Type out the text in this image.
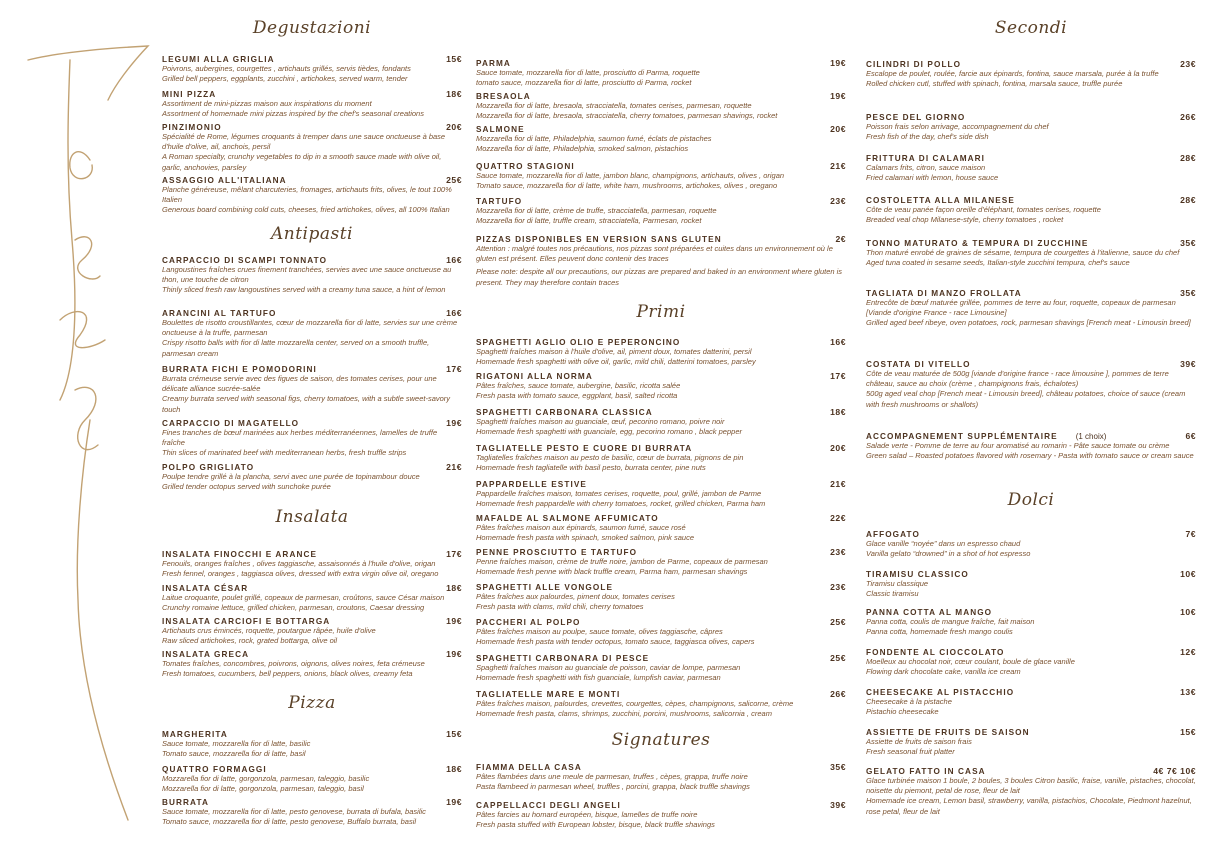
Degustazioni
LEGUMI ALLA GRIGLIA	15€
Poivrons, aubergines, courgettes , artichauts grillés, servis tièdes, fondants
Grilled bell peppers, eggplants, zucchini , artichokes, served warm, tender
MINI PIZZA	18€
Assortiment de mini-pizzas maison aux inspirations du moment
Assortment of homemade mini pizzas inspired by the chef's seasonal creations
PINZIMONIO	20€
Spécialité de Rome, légumes croquants à tremper dans une sauce onctueuse à base d'huile d'olive, ail, anchois, persil
A Roman specialty, crunchy vegetables to dip in a smooth sauce made with olive oil, garlic, anchovies, parsley
ASSAGGIO ALL'ITALIANA	25€
Planche généreuse, mêlant charcuteries, fromages, artichauts frits, olives, le tout 100% Italien
Generous board combining cold cuts, cheeses, fried artichokes, olives, all 100% Italian
Antipasti
CARPACCIO DI SCAMPI TONNATO	16€
Langoustines fraîches crues finement tranchées, servies avec une sauce onctueuse au thon, une touche de citron
Thinly sliced fresh raw langoustines served with a creamy tuna sauce, a hint of lemon
ARANCINI AL TARTUFO	16€
Boulettes de risotto croustillantes, cœur de mozzarella fior di latte, servies sur une crème onctueuse à la truffe, parmesan
Crispy risotto balls with fior di latte mozzarella center, served on a smooth truffle, parmesan cream
BURRATA FICHI E POMODORINI	17€
Burrata crémeuse servie avec des figues de saison, des tomates cerises, pour une délicate alliance sucrée-salée
Creamy burrata served with seasonal figs, cherry tomatoes, with a subtle sweet-savory touch
CARPACCIO DI MAGATELLO	19€
Fines tranches de bœuf marinées aux herbes méditerranéennes, lamelles de truffe fraîche
Thin slices of marinated beef with mediterranean herbs, fresh truffle strips
POLPO GRIGLIATO	21€
Poulpe tendre grillé à la plancha, servi avec une purée de topinambour douce
Grilled tender octopus served with sunchoke purée
Insalata
INSALATA FINOCCHI E ARANCE	17€
Fenouils, oranges fraîches , olives taggiasche, assaisonnés à l'huile d'olive, origan
Fresh fennel, oranges , taggiasca olives, dressed with extra virgin olive oil, oregano
INSALATA CÉSAR	18€
Laitue croquante, poulet grillé, copeaux de parmesan, croûtons, sauce César maison
Crunchy romaine lettuce, grilled chicken, parmesan, croutons, Caesar dressing
INSALATA CARCIOFI E BOTTARGA	19€
Artichauts crus émincés, roquette, poutargue râpée, huile d'olive
Raw sliced artichokes, rock, grated bottarga, olive oil
INSALATA GRECA	19€
Tomates fraîches, concombres, poivrons, oignons, olives noires, feta crémeuse
Fresh tomatoes, cucumbers, bell peppers, onions, black olives, creamy feta
Pizza
MARGHERITA	15€
Sauce tomate, mozzarella fior di latte, basilic
Tomato sauce, mozzarella fior di latte, basil
QUATTRO FORMAGGI	18€
Mozzarella fior di latte, gorgonzola, parmesan, taleggio, basilic
Mozzarella fior di latte, gorgonzola, parmesan, taleggio, basil
BURRATA	19€
Sauce tomate, mozzarella fior di latte, pesto genovese, burrata di bufala, basilic
Tomato sauce, mozzarella fior di latte, pesto genovese, Buffalo burrata, basil
PARMA	19€
Sauce tomate, mozzarella fior di latte, prosciutto di Parma, roquette
tomato sauce, mozzarella fior di latte, prosciutto di Parma, rocket
BRESAOLA	19€
Mozzarella fior di latte, bresaola, stracciatella, tomates cerises, parmesan, roquette
Mozzarella fior di latte, bresaola, stracciatella, cherry tomatoes, parmesan shavings, rocket
SALMONE	20€
Mozzarella fior di latte, Philadelphia, saumon fumé, éclats de pistaches
Mozzarella fior di latte, Philadelphia, smoked salmon, pistachios
QUATTRO STAGIONI	21€
Sauce tomate, mozzarella fior di latte, jambon blanc, champignons, artichauts, olives , origan
Tomato sauce, mozzarella fior di latte, white ham, mushrooms, artichokes, olives , oregano
TARTUFO	23€
Mozzarella fior di latte, crème de truffe, stracciatella, parmesan, roquette
Mozzarella fior di latte, truffle cream, stracciatella, Parmesan, rocket
PIZZAS DISPONIBLES EN VERSION SANS GLUTEN	2€
Attention : malgré toutes nos précautions, nos pizzas sont préparées et cuites dans un environnement où le gluten est présent. Elles peuvent donc contenir des traces
Please note: despite all our precautions, our pizzas are prepared and baked in an environment where gluten is present. They may therefore contain traces
Primi
SPAGHETTI AGLIO OLIO E PEPERONCINO	16€
Spaghetti fraîches maison à l'huile d'olive, ail, piment doux, tomates datterini, persil
Homemade fresh spaghetti with olive oil, garlic, mild chili, datterini tomatoes, parsley
RIGATONI ALLA NORMA	17€
Pâtes fraîches, sauce tomate, aubergine, basilic, ricotta salée
Fresh pasta with tomato sauce, eggplant, basil, salted ricotta
SPAGHETTI CARBONARA CLASSICA	18€
Spaghetti fraîches maison au guanciale, œuf, pecorino romano, poivre noir
Homemade fresh spaghetti with guanciale, egg, pecorino romano , black pepper
TAGLIATELLE PESTO E CUORE DI BURRATA	20€
Tagliatelles fraîches maison au pesto de basilic, cœur de burrata, pignons de pin
Homemade fresh tagliatelle with basil pesto, burrata center, pine nuts
PAPPARDELLE ESTIVE	21€
Pappardelle fraîches maison, tomates cerises, roquette, poul, grillé, jambon de Parme
Homemade fresh pappardelle with cherry tomatoes, rocket, grilled chicken, Parma ham
MAFALDE AL SALMONE AFFUMICATO	22€
Pâtes fraîches maison aux épinards, saumon fumé, sauce rosé
Homemade fresh pasta with spinach, smoked salmon, pink sauce
PENNE PROSCIUTTO E TARTUFO	23€
Penne fraîches maison, crème de truffe noire, jambon de Parme, copeaux de parmesan
Homemade fresh penne with black truffle cream, Parma ham, parmesan shavings
SPAGHETTI ALLE VONGOLE	23€
Pâtes fraîches aux palourdes, piment doux, tomates cerises
Fresh pasta with clams, mild chili, cherry tomatoes
PACCHERI AL POLPO	25€
Pâtes fraîches maison au poulpe, sauce tomate, olives taggiasche, câpres
Homemade fresh pasta with tender octopus, tomato sauce, taggiasca olives, capers
SPAGHETTI CARBONARA DI PESCE	25€
Spaghetti fraîches maison au guanciale de poisson, caviar de lompe, parmesan
Homemade fresh spaghetti with fish guanciale, lumpfish caviar, parmesan
TAGLIATELLE MARE E MONTI	26€
Pâtes fraîches maison, palourdes, crevettes, courgettes, cèpes, champignons, salicorne, crème
Homemade fresh pasta, clams, shrimps, zucchini, porcini, mushrooms, salicornia , cream
Signatures
FIAMMA DELLA CASA	35€
Pâtes flambées dans une meule de parmesan, truffes , cèpes, grappa, truffe noire
Pasta flambeed in parmesan wheel, truffles , porcini, grappa, black truffle shavings
CAPPELLACCI DEGLI ANGELI	39€
Pâtes farcies au homard européen, bisque, lamelles de truffe noire
Fresh pasta stuffed with European lobster, bisque, black truffle shavings
Secondi
CILINDRI DI POLLO	23€
Escalope de poulet, roulée, farcie aux épinards, fontina, sauce marsala, purée à la truffe
Rolled chicken cutl, stuffed with spinach, fontina, marsala sauce, truffle purée
PESCE DEL GIORNO	26€
Poisson frais selon arrivage, accompagnement du chef
Fresh fish of the day, chef's side dish
FRITTURA DI CALAMARI	28€
Calamars frits, citron, sauce maison
Fried calamari with lemon, house sauce
COSTOLETTA ALLA MILANESE	28€
Côte de veau panée façon oreille d'éléphant, tomates cerises, roquette
Breaded veal chop Milanese-style, cherry tomatoes , rocket
TONNO MATURATO & TEMPURA DI ZUCCHINE	35€
Thon maturé enrobé de graines de sésame, tempura de courgettes à l'italienne, sauce du chef
Aged tuna coated in sesame seeds, Italian-style zucchini tempura, chef's sauce
TAGLIATA DI MANZO FROLLATA	35€
Entrecôte de bœuf maturée grillée, pommes de terre au four, roquette, copeaux de parmesan [Viande d'origine France - race Limousine]
Grilled aged beef ribeye, oven potatoes, rock, parmesan shavings [French meat - Limousin breed]
COSTATA DI VITELLO	39€
Côte de veau maturée de 500g [viande d'origine france - race limousine ], pommes de terre château, sauce au choix (crème , champignons frais, échalotes)
500g aged veal chop [French meat - Limousin breed], château potatoes, choice of sauce (cream with fresh mushrooms or shallots)
ACCOMPAGNEMENT SUPPLÉMENTAIRE (1 choix)	6€
Salade verte - Pomme de terre au four aromatisé au romarin - Pâte sauce tomate ou crème
Green salad – Roasted potatoes flavored with rosemary - Pasta with tomato sauce or cream sauce
Dolci
AFFOGATO	7€
Glace vanille “noyée” dans un espresso chaud
Vanilla gelato “drowned” in a shot of hot espresso
TIRAMISU CLASSICO	10€
Tiramisu classique
Classic tiramisu
PANNA COTTA AL MANGO	10€
Panna cotta, coulis de mangue fraîche, fait maison
Panna cotta, homemade fresh mango coulis
FONDENTE AL CIOCCOLATO	12€
Moelleux au chocolat noir, cœur coulant, boule de glace vanille
Flowing dark chocolate cake, vanilla ice cream
CHEESECAKE AL PISTACCHIO	13€
Cheesecake à la pistache
Pistachio cheesecake
ASSIETTE DE FRUITS DE SAISON	15€
Assiette de fruits de saison frais
Fresh seasonal fruit platter
GELATO FATTO IN CASA	4€ 7€ 10€
Glace turbinée maison 1 boule, 2 boules, 3 boules Citron basilic, fraise, vanille, pistaches, chocolat, noisette du piemont, petal de rose, fleur de lait
Homemade ice cream, Lemon basil, strawberry, vanilla, pistachios, Chocolate, Piedmont hazelnut, rose petal, fleur de lait
